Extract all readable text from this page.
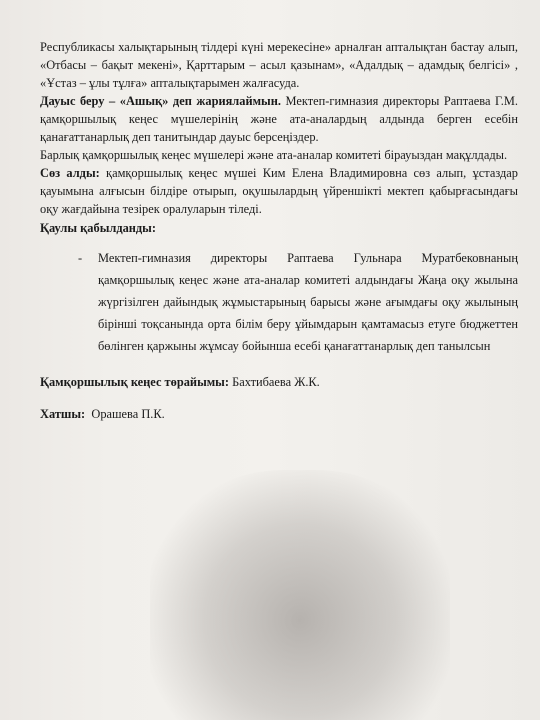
Республикасы халықтарының тілдері күні мерекесіне» арналған апталықтан бастау алып, «Отбасы – бақыт мекені», Қарттарым – асыл қазынам», «Адалдық – адамдық белгісі» , «Ұстаз – ұлы тұлға» апталықтарымен жалғасуда.

Дауыс беру – «Ашық» деп жариялаймын. Мектеп-гимназия директоры Раптаева Г.М. қамқоршылық кеңес мүшелерінің және ата-аналардың алдында берген есебін қанағаттанарлық деп танитындар дауыс берсеңіздер.

Барлық қамқоршылық кеңес мүшелері және ата-аналар комитеті бірауыздан мақұлдады.

Сөз алды: қамқоршылық кеңес мүшеі Ким Елена Владимировна сөз алып, ұстаздар қауымына алғысын білдіре отырып, оқушылардың үйреншікті мектеп қабырғасындағы оқу жағдайына тезірек оралуларын тіледі.

Қаулы қабылданды:

- Мектеп-гимназия директоры Раптаева Гульнара Муратбековнаның қамқоршылық кеңес және ата-аналар комитеті алдындағы Жаңа оқу жылына жүргізілген дайындық жұмыстарының барысы және ағымдағы оқу жылының бірінші тоқсанында орта білім беру ұйымдарын қамтамасыз етуге бюджеттен бөлінген қаржыны жұмсау бойынша есебі қанағаттанарлық деп танылсын

Қамқоршылық кеңес төрайымы: Бахтибаева Ж.К.

Хатшы:  Орашева П.К.
